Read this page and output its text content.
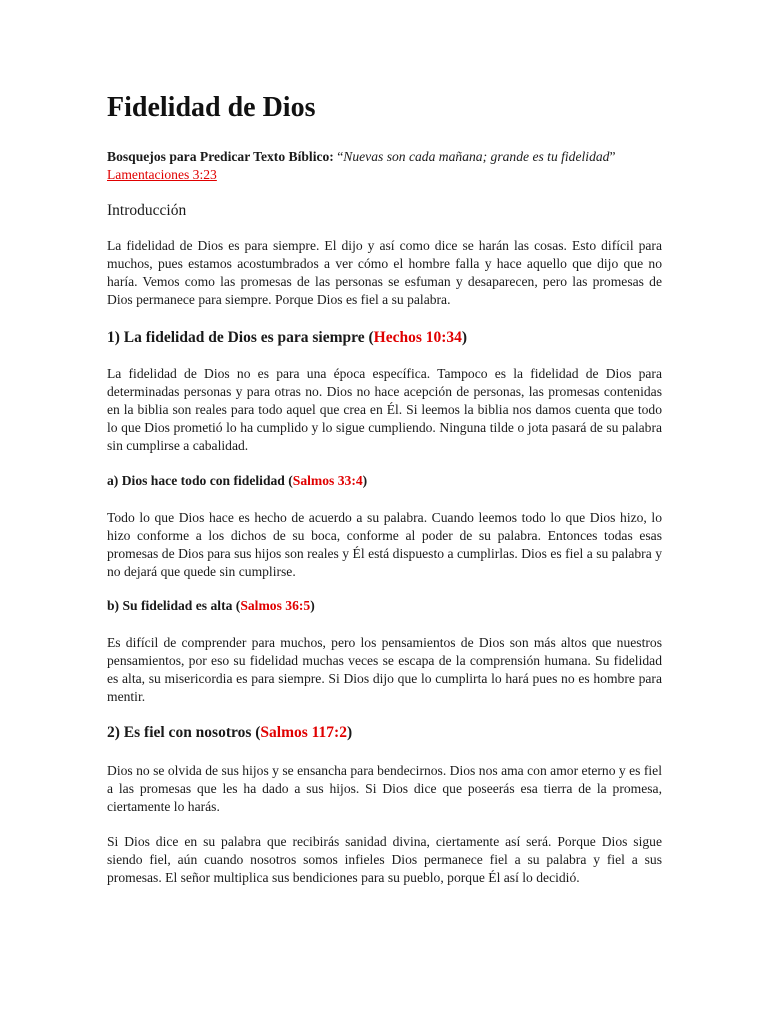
Fidelidad de Dios
Bosquejos para Predicar Texto Bíblico: “Nuevas son cada mañana; grande es tu fidelidad” Lamentaciones 3:23
Introducción

La fidelidad de Dios es para siempre. El dijo y así como dice se harán las cosas. Esto difícil para muchos, pues estamos acostumbrados a ver cómo el hombre falla y hace aquello que dijo que no haría. Vemos como las promesas de las personas se esfuman y desaparecen, pero las promesas de Dios permanece para siempre. Porque Dios es fiel a su palabra.

1) La fidelidad de Dios es para siempre (Hechos 10:34)

La fidelidad de Dios no es para una época específica. Tampoco es la fidelidad de Dios para determinadas personas y para otras no. Dios no hace acepción de personas, las promesas contenidas en la biblia son reales para todo aquel que crea en Él. Si leemos la biblia nos damos cuenta que todo lo que Dios prometió lo ha cumplido y lo sigue cumpliendo. Ninguna tilde o jota pasará de su palabra sin cumplirse a cabalidad.

a) Dios hace todo con fidelidad (Salmos 33:4)

Todo lo que Dios hace es hecho de acuerdo a su palabra. Cuando leemos todo lo que Dios hizo, lo hizo conforme a los dichos de su boca, conforme al poder de su palabra. Entonces todas esas promesas de Dios para sus hijos son reales y Él está dispuesto a cumplirlas. Dios es fiel a su palabra y no dejará que quede sin cumplirse.

b) Su fidelidad es alta (Salmos 36:5)

Es difícil de comprender para muchos, pero los pensamientos de Dios son más altos que nuestros pensamientos, por eso su fidelidad muchas veces se escapa de la comprensión humana. Su fidelidad es alta, su misericordia es para siempre. Si Dios dijo que lo cumplirta lo hará pues no es hombre para mentir.

2) Es fiel con nosotros (Salmos 117:2)

Dios no se olvida de sus hijos y se ensancha para bendecirnos. Dios nos ama con amor eterno y es fiel a las promesas que les ha dado a sus hijos. Si Dios dice que poseerás esa tierra de la promesa, ciertamente lo harás.

Si Dios dice en su palabra que recibirás sanidad divina, ciertamente así será. Porque Dios sigue siendo fiel, aún cuando nosotros somos infieles Dios permanece fiel a su palabra y fiel a sus promesas. El señor multiplica sus bendiciones para su pueblo, porque Él así lo decidió.
